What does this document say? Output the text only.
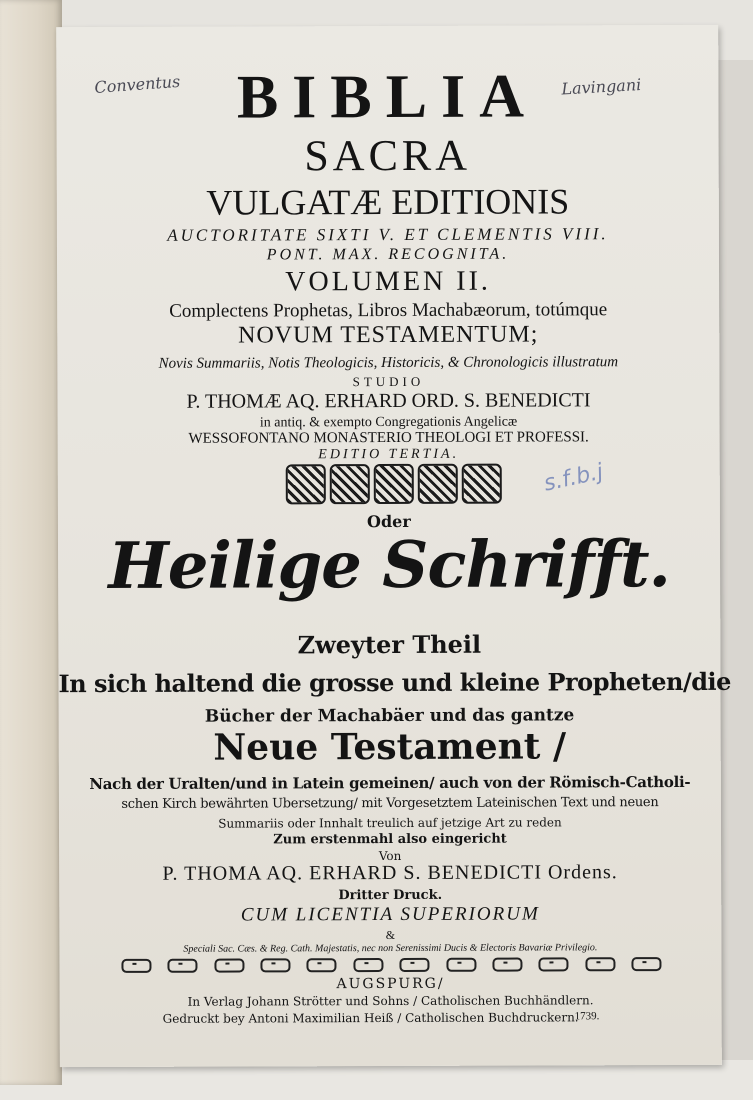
Conventus	Lavingani
s.f.b.j
BIBLIA
SACRA
VULGATÆ EDITIONIS
AUCTORITATE SIXTI V. ET CLEMENTIS VIII.
PONT. MAX. RECOGNITA.
VOLUMEN II.
Complectens Prophetas, Libros Machabæorum, totúmque
NOVUM TESTAMENTUM;
Novis Summariis, Notis Theologicis, Historicis, & Chronologicis illustratum
STUDIO
P. THOMÆ AQ. ERHARD ORD. S. BENEDICTI
in antiq. & exempto Congregationis Angelicæ
WESSOFONTANO MONASTERIO THEOLOGI ET PROFESSI.
EDITIO TERTIA.
Oder
Heilige Schrifft.
Zweyter Theil
In sich haltend die grosse und kleine Propheten/die
Bücher der Machabäer und das gantze
Neue Testament /
Nach der Uralten/und in Latein gemeinen/ auch von der Römisch-Catholi-
schen Kirch bewährten Ubersetzung/ mit Vorgesetztem Lateinischen Text und neuen
Summariis oder Innhalt treulich auf jetzige Art zu reden
Zum erstenmahl also eingericht
Von
P. THOMA AQ. ERHARD S. BENEDICTI Ordens.
Dritter Druck.
CUM LICENTIA SUPERIORUM
&
Speciali Sac. Cæs. & Reg. Cath. Majestatis, nec non Serenissimi Ducis & Electoris Bavariæ Privilegio.
AUGSPURG/
In Verlag Johann Strötter und Sohns / Catholischen Buchhändlern.
Gedruckt bey Antoni Maximilian Heiß / Catholischen Buchdruckern.
1739.
